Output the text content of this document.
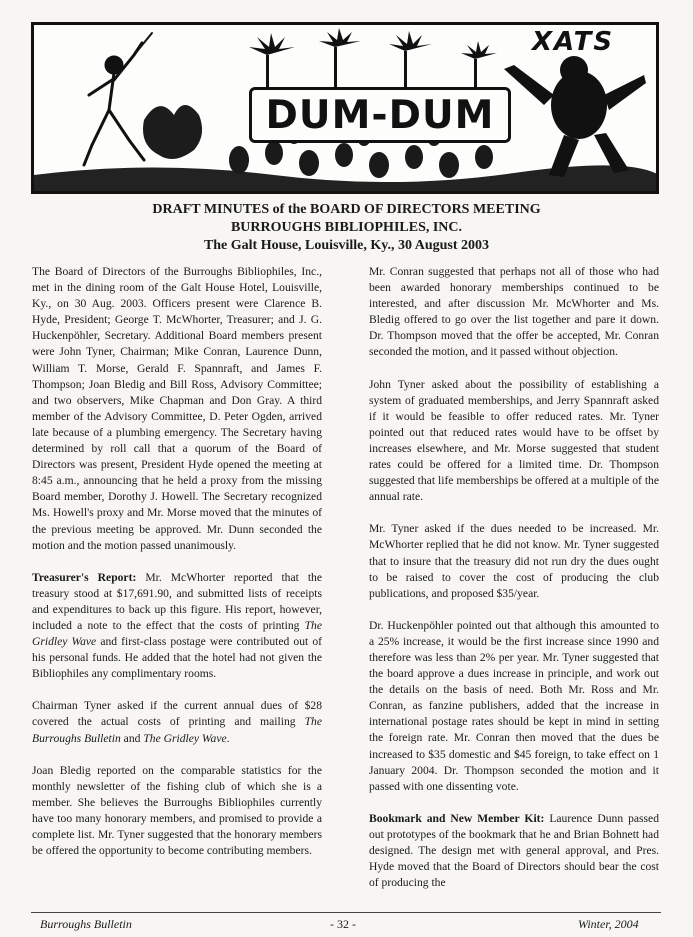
DUM-DUM
XATS
DRAFT MINUTES of the BOARD OF DIRECTORS MEETING
BURROUGHS BIBLIOPHILES, INC.
The Galt House, Louisville, Ky., 30 August 2003

The Board of Directors of the Burroughs Bibliophiles, Inc., met in the dining room of the Galt House Hotel, Louisville, Ky., on 30 Aug. 2003. Officers present were Clarence B. Hyde, President; George T. McWhorter, Treasurer; and J. G. Huckenpöhler, Secretary. Additional Board members present were John Tyner, Chairman; Mike Conran, Laurence Dunn, William T. Morse, Gerald F. Spannraft, and James F. Thompson; Joan Bledig and Bill Ross, Advisory Committee; and two observers, Mike Chapman and Don Gray. A third member of the Advisory Committee, D. Peter Ogden, arrived late because of a plumbing emergency. The Secretary having determined by roll call that a quorum of the Board of Directors was present, President Hyde opened the meeting at 8:45 a.m., announcing that he held a proxy from the missing Board member, Dorothy J. Howell. The Secretary recognized Ms. Howell's proxy and Mr. Morse moved that the minutes of the previous meeting be approved. Mr. Dunn seconded the motion and the motion passed unanimously.

Treasurer's Report: Mr. McWhorter reported that the treasury stood at $17,691.90, and submitted lists of receipts and expenditures to back up this figure. His report, however, included a note to the effect that the costs of printing The Gridley Wave and first-class postage were contributed out of his personal funds. He added that the hotel had not given the Bibliophiles any complimentary rooms.

Chairman Tyner asked if the current annual dues of $28 covered the actual costs of printing and mailing The Burroughs Bulletin and The Gridley Wave.

Joan Bledig reported on the comparable statistics for the monthly newsletter of the fishing club of which she is a member. She believes the Burroughs Bibliophiles currently have too many honorary members, and promised to provide a complete list. Mr. Tyner suggested that the honorary members be offered the opportunity to become contributing members.

Mr. Conran suggested that perhaps not all of those who had been awarded honorary memberships continued to be interested, and after discussion Mr. McWhorter and Ms. Bledig offered to go over the list together and pare it down. Dr. Thompson moved that the offer be accepted, Mr. Conran seconded the motion, and it passed without objection.

John Tyner asked about the possibility of establishing a system of graduated memberships, and Jerry Spannraft asked if it would be feasible to offer reduced rates. Mr. Tyner pointed out that reduced rates would have to be offset by increases elsewhere, and Mr. Morse suggested that student rates could be offered for a limited time. Dr. Thompson suggested that life memberships be offered at a multiple of the annual rate.

Mr. Tyner asked if the dues needed to be increased. Mr. McWhorter replied that he did not know. Mr. Tyner suggested that to insure that the treasury did not run dry the dues ought to be raised to cover the cost of producing the club publications, and proposed $35/year.

Dr. Huckenpöhler pointed out that although this amounted to a 25% increase, it would be the first increase since 1990 and therefore was less than 2% per year. Mr. Tyner suggested that the board approve a dues increase in principle, and work out the details on the basis of need. Both Mr. Ross and Mr. Conran, as fanzine publishers, added that the increase in international postage rates should be kept in mind in setting the foreign rate. Mr. Conran then moved that the dues be increased to $35 domestic and $45 foreign, to take effect on 1 January 2004. Dr. Thompson seconded the motion and it passed with one dissenting vote.

Bookmark and New Member Kit: Laurence Dunn passed out prototypes of the bookmark that he and Brian Bohnett had designed. The design met with general approval, and Pres. Hyde moved that the Board of Directors should bear the cost of producing the

Burroughs Bulletin	- 32 -	Winter, 2004
